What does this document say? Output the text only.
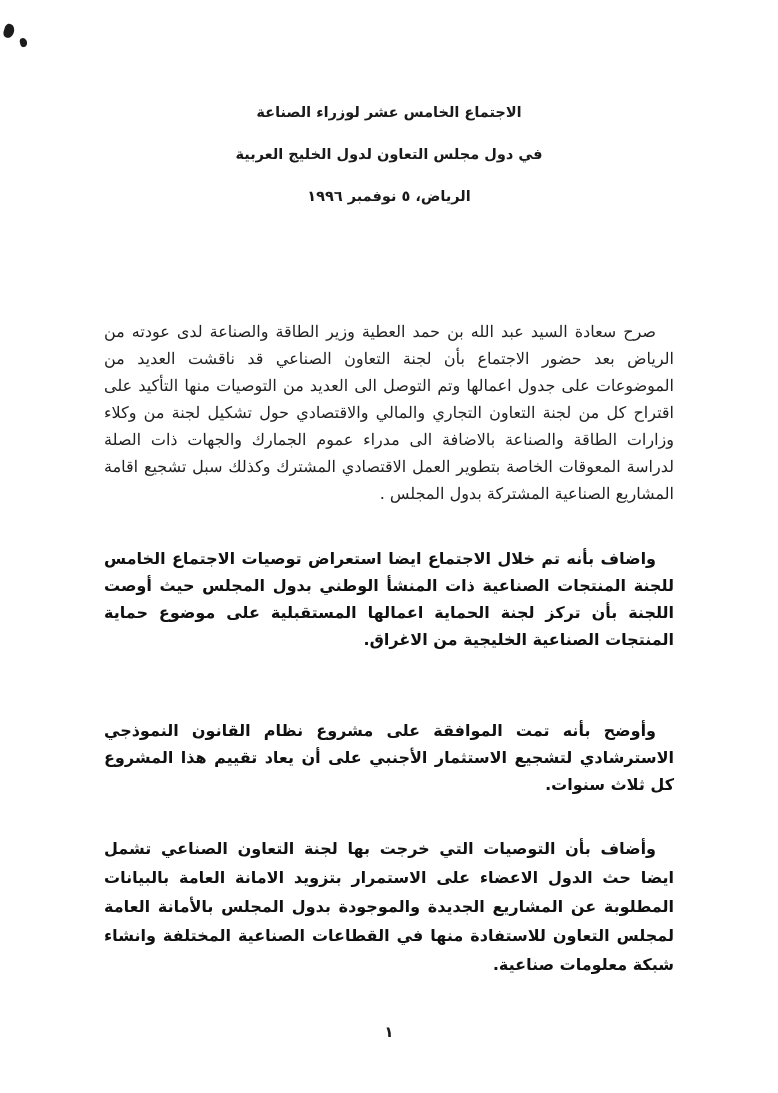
الاجتماع الخامس عشر لوزراء الصناعة
في دول مجلس التعاون لدول الخليج العربية
الرياض، ٥ نوفمبر ١٩٩٦

صرح سعادة السيد عبد الله بن حمد العطية وزير الطاقة والصناعة لدى عودته من الرياض بعد حضور الاجتماع بأن لجنة التعاون الصناعي قد ناقشت العديد من الموضوعات على جدول اعمالها وتم التوصل الى العديد من التوصيات منها التأكيد على اقتراح كل من لجنة التعاون التجاري والمالي والاقتصادي حول تشكيل لجنة من وكلاء وزارات الطاقة والصناعة بالاضافة الى مدراء عموم الجمارك والجهات ذات الصلة لدراسة المعوقات الخاصة بتطوير العمل الاقتصادي المشترك وكذلك سبل تشجيع اقامة المشاريع الصناعية المشتركة بدول المجلس .

واضاف بأنه تم خلال الاجتماع ايضا استعراض توصيات الاجتماع الخامس للجنة المنتجات الصناعية ذات المنشأ الوطني بدول المجلس حيث أوصت اللجنة بأن تركز لجنة الحماية اعمالها المستقبلية على موضوع حماية المنتجات الصناعية الخليجية من الاغراق.

وأوضح بأنه تمت الموافقة على مشروع نظام القانون النموذجي الاسترشادي لتشجيع الاستثمار الأجنبي على أن يعاد تقييم هذا المشروع كل ثلاث سنوات.

وأضاف بأن التوصيات التي خرجت بها لجنة التعاون الصناعي تشمل ايضا حث الدول الاعضاء على الاستمرار بتزويد الامانة العامة بالبيانات المطلوبة عن المشاريع الجديدة والموجودة بدول المجلس بالأمانة العامة لمجلس التعاون للاستفادة منها في القطاعات الصناعية المختلفة وانشاء شبكة معلومات صناعية.

١
